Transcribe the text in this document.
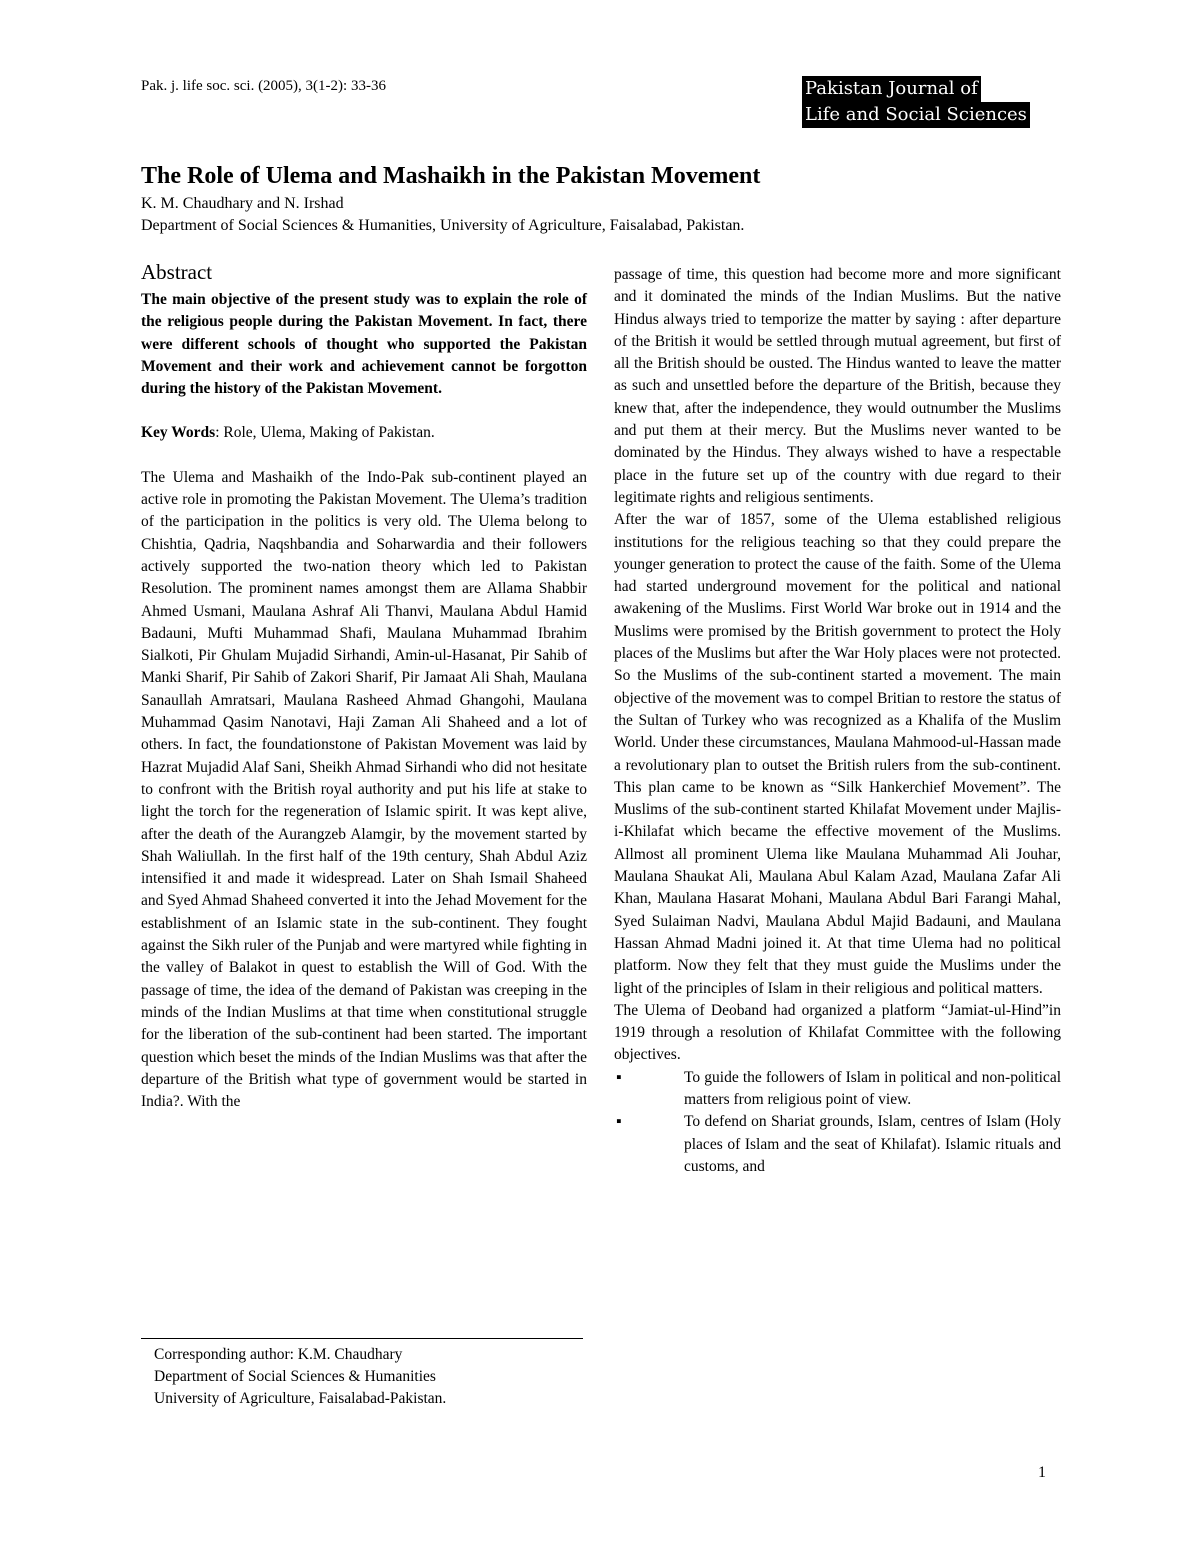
Pak. j. life soc. sci. (2005), 3(1-2): 33-36	Pakistan Journal of
Life and Social Sciences
The Role of Ulema and Mashaikh in the Pakistan Movement
K. M. Chaudhary and N. Irshad
Department of Social Sciences & Humanities, University of Agriculture, Faisalabad, Pakistan.
Abstract

The main objective of the present study was to explain the role of the religious people during the Pakistan Movement. In fact, there were different schools of thought who supported the Pakistan Movement and their work and achievement cannot be forgotton during the history of the Pakistan Movement.

Key Words: Role, Ulema, Making of Pakistan.

The Ulema and Mashaikh of the Indo-Pak sub-continent played an active role in promoting the Pakistan Movement. The Ulema’s tradition of the participation in the politics is very old. The Ulema belong to Chishtia, Qadria, Naqshbandia and Soharwardia and their followers actively supported the two-nation theory which led to Pakistan Resolution. The prominent names amongst them are Allama Shabbir Ahmed Usmani, Maulana Ashraf Ali Thanvi, Maulana Abdul Hamid Badauni, Mufti Muhammad Shafi, Maulana Muhammad Ibrahim Sialkoti, Pir Ghulam Mujadid Sirhandi, Amin-ul-Hasanat, Pir Sahib of Manki Sharif, Pir Sahib of Zakori Sharif, Pir Jamaat Ali Shah, Maulana Sanaullah Amratsari, Maulana Rasheed Ahmad Ghangohi, Maulana Muhammad Qasim Nanotavi, Haji Zaman Ali Shaheed and a lot of others. In fact, the foundationstone of Pakistan Movement was laid by Hazrat Mujadid Alaf Sani, Sheikh Ahmad Sirhandi who did not hesitate to confront with the British royal authority and put his life at stake to light the torch for the regeneration of Islamic spirit. It was kept alive, after the death of the Aurangzeb Alamgir, by the movement started by Shah Waliullah. In the first half of the 19th century, Shah Abdul Aziz intensified it and made it widespread. Later on Shah Ismail Shaheed and Syed Ahmad Shaheed converted it into the Jehad Movement for the establishment of an Islamic state in the sub-continent. They fought against the Sikh ruler of the Punjab and were martyred while fighting in the valley of Balakot in quest to establish the Will of God. With the passage of time, the idea of the demand of Pakistan was creeping in the minds of the Indian Muslims at that time when constitutional struggle for the liberation of the sub-continent had been started. The important question which beset the minds of the Indian Muslims was that after the departure of the British what type of government would be started in India?. With the

Corresponding author: K.M. Chaudhary
Department of Social Sciences & Humanities
University of Agriculture, Faisalabad-Pakistan.

passage of time, this question had become more and more significant and it dominated the minds of the Indian Muslims. But the native Hindus always tried to temporize the matter by saying : after departure of the British it would be settled through mutual agreement, but first of all the British should be ousted. The Hindus wanted to leave the matter as such and unsettled before the departure of the British, because they knew that, after the independence, they would outnumber the Muslims and put them at their mercy. But the Muslims never wanted to be dominated by the Hindus. They always wished to have a respectable place in the future set up of the country with due regard to their legitimate rights and religious sentiments.

After the war of 1857, some of the Ulema established religious institutions for the religious teaching so that they could prepare the younger generation to protect the cause of the faith. Some of the Ulema had started underground movement for the political and national awakening of the Muslims. First World War broke out in 1914 and the Muslims were promised by the British government to protect the Holy places of the Muslims but after the War Holy places were not protected. So the Muslims of the sub-continent started a movement. The main objective of the movement was to compel Britian to restore the status of the Sultan of Turkey who was recognized as a Khalifa of the Muslim World. Under these circumstances, Maulana Mahmood-ul-Hassan made a revolutionary plan to outset the British rulers from the sub-continent. This plan came to be known as “Silk Hankerchief Movement”. The Muslims of the sub-continent started Khilafat Movement under Majlis-i-Khilafat which became the effective movement of the Muslims. Allmost all prominent Ulema like Maulana Muhammad Ali Jouhar, Maulana Shaukat Ali, Maulana Abul Kalam Azad, Maulana Zafar Ali Khan, Maulana Hasarat Mohani, Maulana Abdul Bari Farangi Mahal, Syed Sulaiman Nadvi, Maulana Abdul Majid Badauni, and Maulana Hassan Ahmad Madni joined it. At that time Ulema had no political platform. Now they felt that they must guide the Muslims under the light of the principles of Islam in their religious and political matters.

The Ulema of Deoband had organized a platform “Jamiat-ul-Hind”in 1919 through a resolution of Khilafat Committee with the following objectives.

▪	To guide the followers of Islam in political and non-political matters from religious point of view.
▪	To defend on Shariat grounds, Islam, centres of Islam (Holy places of Islam and the seat of Khilafat). Islamic rituals and customs, and
1
